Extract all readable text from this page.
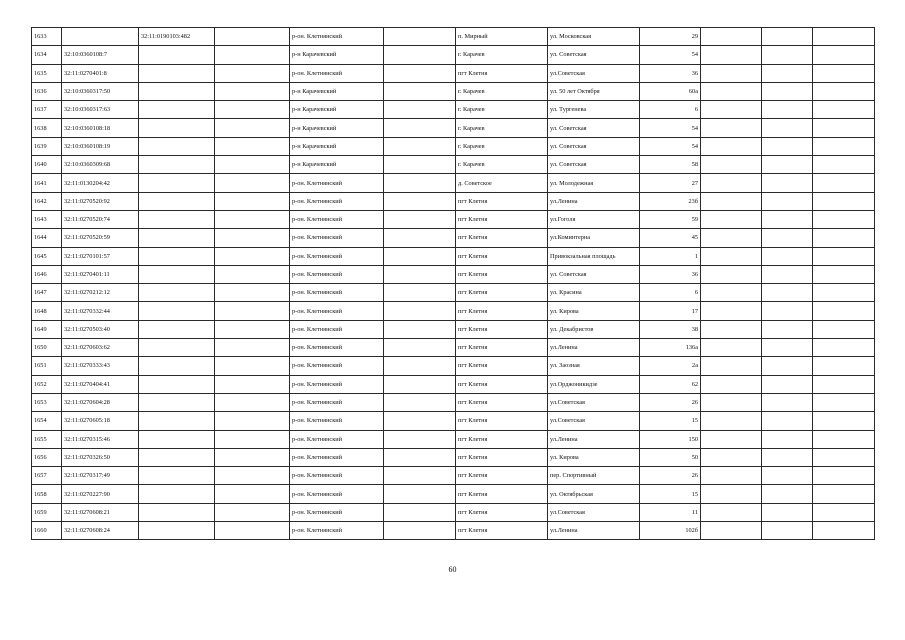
1633		32:11:0190103:482		р-он. Клетнянский		п. Мирный	ул. Московская	29			
1634	32:10:0360108:7			р-н Карачевский		г. Карачев	ул. Советская	54			
1635	32:11:0270401:8			р-он. Клетнянский		пгт Клетня	ул.Советская	36			
1636	32:10:0360317:50			р-н Карачевский		г. Карачев	ул. 50 лет Октября	60а			
1637	32:10:0360317:63			р-н Карачевский		г. Карачев	ул. Тургенева	6			
1638	32:10:0360108:18			р-н Карачевский		г. Карачев	ул. Советская	54			
1639	32:10:0360108:19			р-н Карачевский		г. Карачев	ул. Советская	54			
1640	32:10:0360309:68			р-н Карачевский		г. Карачев	ул. Советская	58			
1641	32:11:0130204:42			р-он. Клетнянский		д. Советское	ул. Молодежная	27			
1642	32:11:0270520:92			р-он. Клетнянский		пгт Клетня	ул.Ленина	23б			
1643	32:11:0270520:74			р-он. Клетнянский		пгт Клетня	ул.Гоголя	59			
1644	32:11:0270520:59			р-он. Клетнянский		пгт Клетня	ул.Коминтерна	45			
1645	32:11:0270101:57			р-он. Клетнянский		пгт Клетня	Привокзальная площадь	1			
1646	32:11:0270401:11			р-он. Клетнянский		пгт Клетня	ул. Советская	36			
1647	32:11:0270212:12			р-он. Клетнянский		пгт Клетня	ул. Красина	6			
1648	32:11:0270332:44			р-он. Клетнянский		пгт Клетня	ул. Кирова	17			
1649	32:11:0270503:40			р-он. Клетнянский		пгт Клетня	ул. Декабристов	38			
1650	32:11:0270603:62			р-он. Клетнянский		пгт Клетня	ул.Ленина	136а			
1651	32:11:0270333:43			р-он. Клетнянский		пгт Клетня	ул. Заозная	2а			
1652	32:11:0270404:41			р-он. Клетнянский		пгт Клетня	ул.Орджоникидзе	62			
1653	32:11:0270604:28			р-он. Клетнянский		пгт Клетня	ул.Советская	26			
1654	32:11:0270605:18			р-он. Клетнянский		пгт Клетня	ул.Советская	15			
1655	32:11:0270315:46			р-он. Клетнянский		пгт Клетня	ул.Ленина	150			
1656	32:11:0270326:50			р-он. Клетнянский		пгт Клетня	ул. Кирова	50			
1657	32:11:0270317:49			р-он. Клетнянский		пгт Клетня	пер. Спортивный	26			
1658	32:11:0270227:90			р-он. Клетнянский		пгт Клетня	ул. Октябрьская	15			
1659	32:11:0270608:21			р-он. Клетнянский		пгт Клетня	ул.Советская	11			
1660	32:11:0270608:24			р-он. Клетнянский		пгт Клетня	ул.Ленина	102б			
60
